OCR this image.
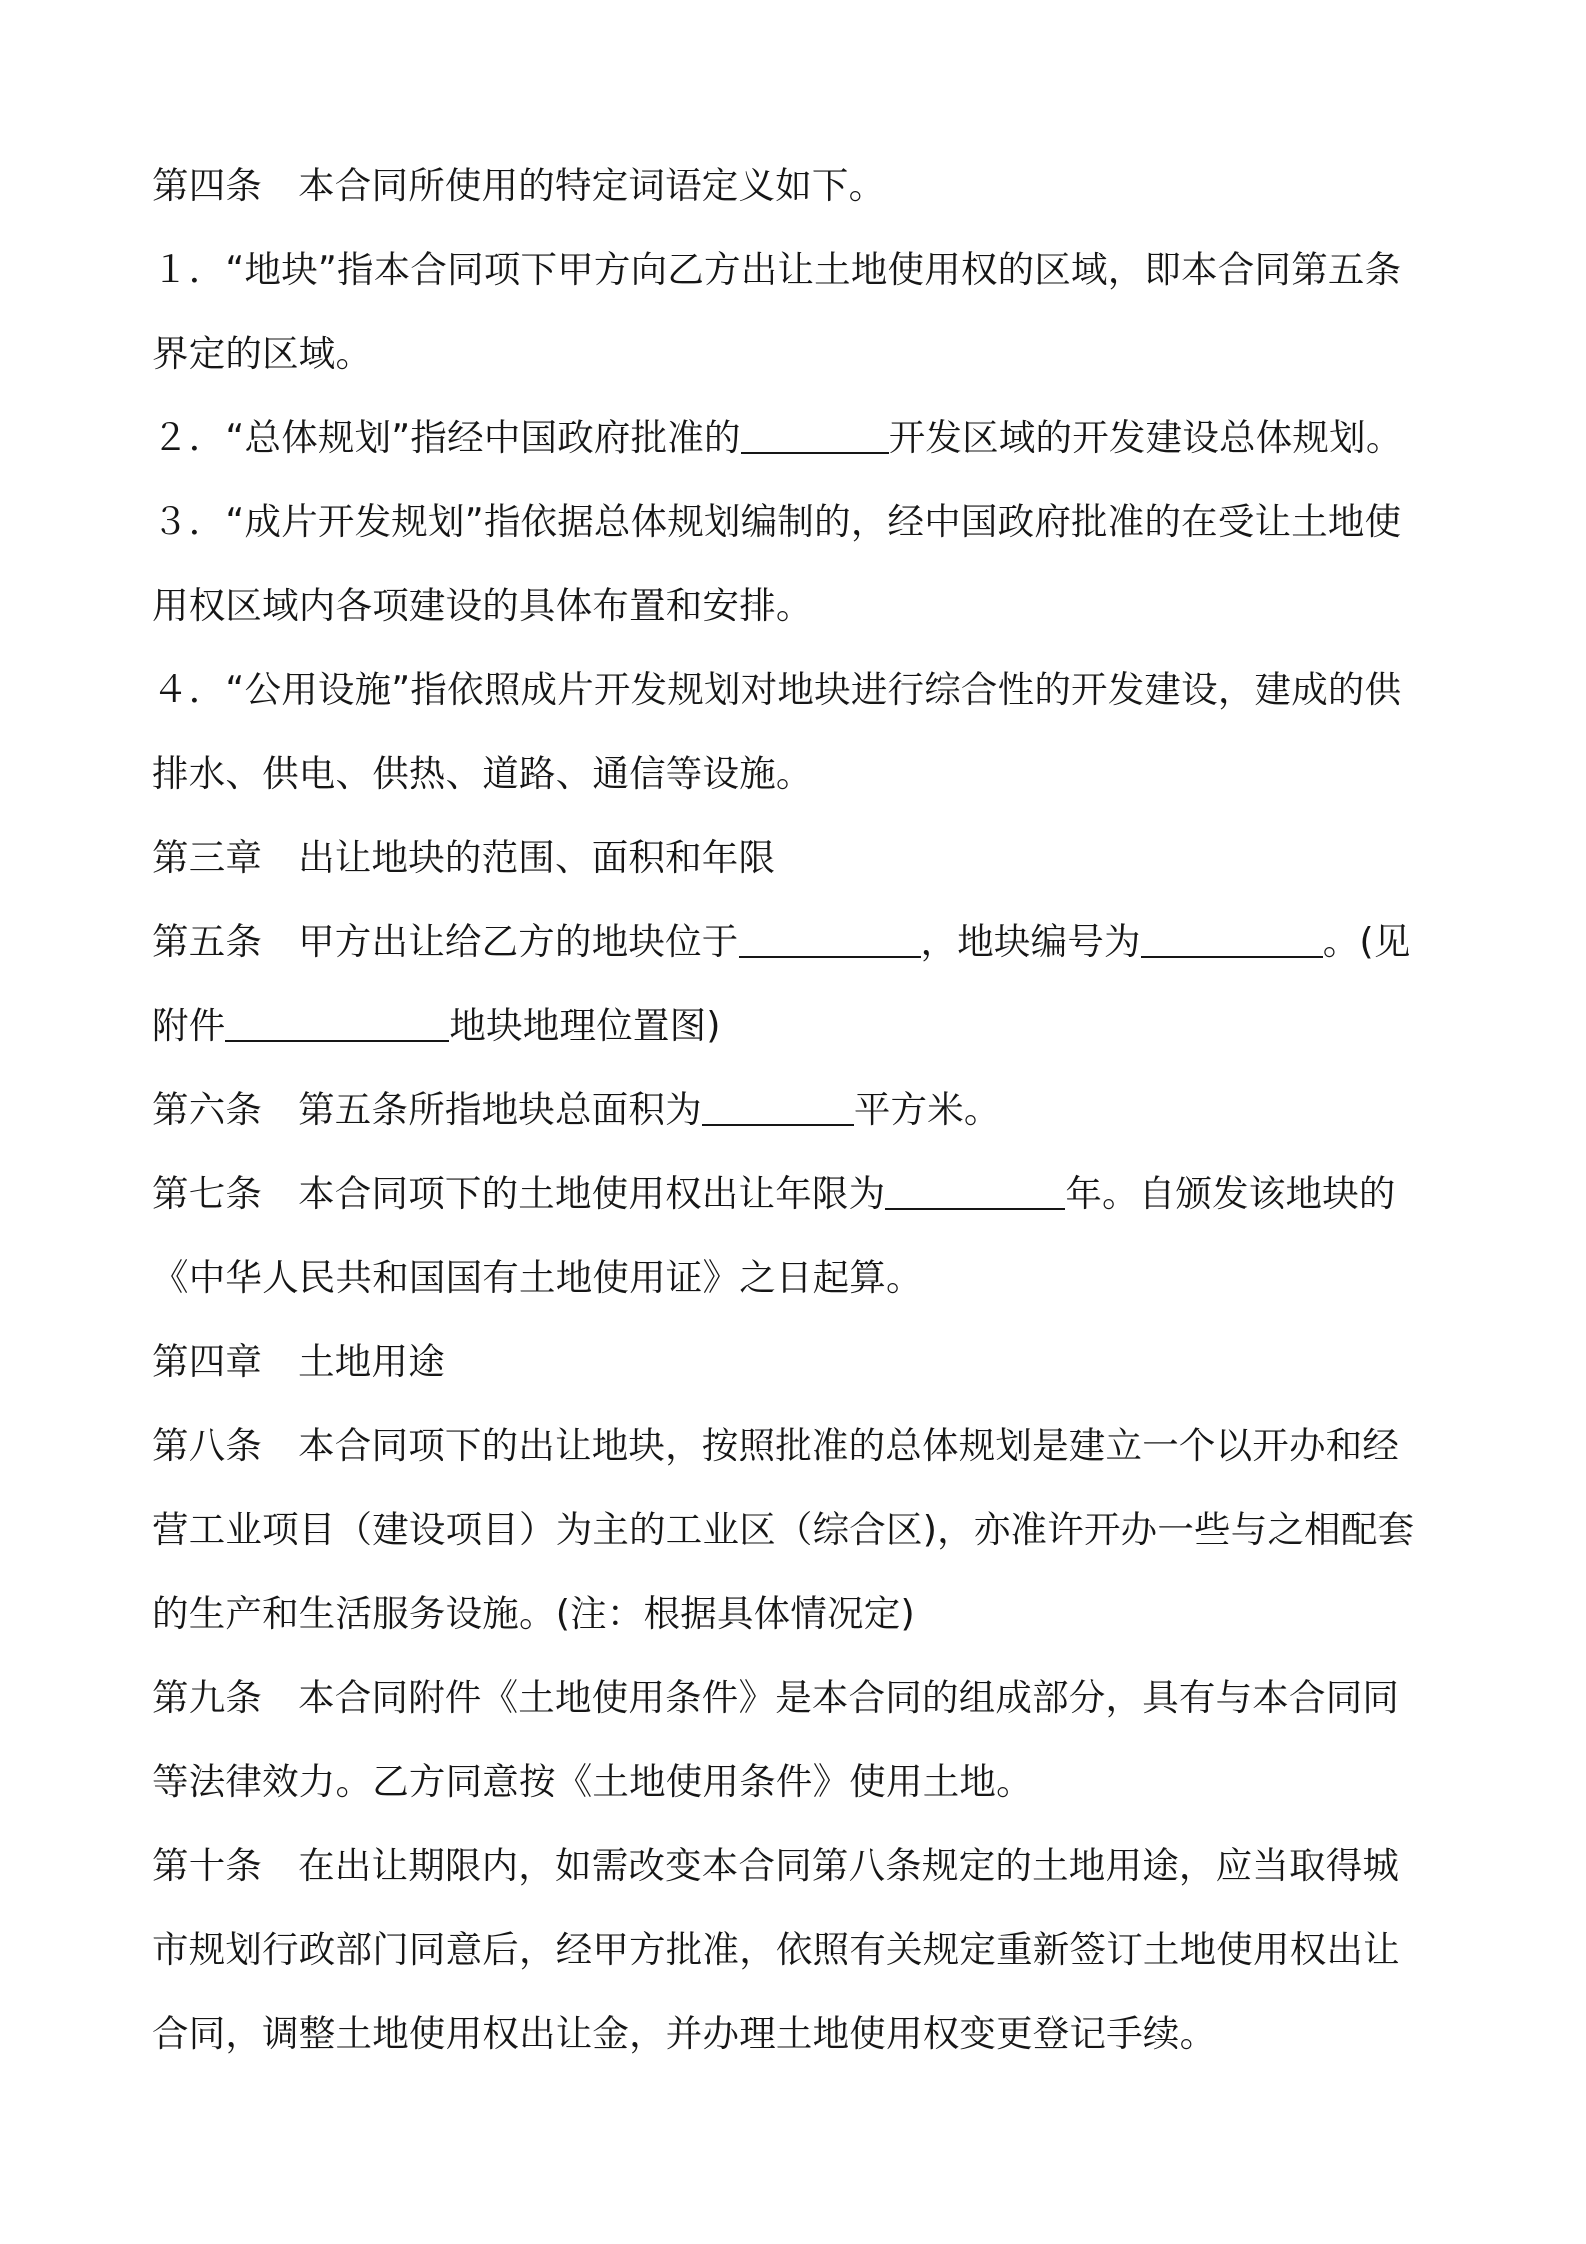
第四条 本合同所使用的特定词语定义如下。
１．“地块”指本合同项下甲方向乙方出让土地使用权的区域，即本合同第五条
界定的区域。
２．“总体规划”指经中国政府批准的	开发区域的开发建设总体规划。
３．“成片开发规划”指依据总体规划编制的，经中国政府批准的在受让土地使
用权区域内各项建设的具体布置和安排。
４．“公用设施”指依照成片开发规划对地块进行综合性的开发建设，建成的供
排水、供电、供热、道路、通信等设施。
第三章 出让地块的范围、面积和年限
第五条 甲方出让给乙方的地块位于	，地块编号为	。(见
附件	地块地理位置图)
第六条 第五条所指地块总面积为	平方米。
第七条 本合同项下的土地使用权出让年限为	年。自颁发该地块的
《中华人民共和国国有土地使用证》之日起算。
第四章 土地用途
第八条 本合同项下的出让地块，按照批准的总体规划是建立一个以开办和经
营工业项目（建设项目）为主的工业区（综合区)，亦准许开办一些与之相配套
的生产和生活服务设施。(注：根据具体情况定)
第九条 本合同附件《土地使用条件》是本合同的组成部分，具有与本合同同
等法律效力。乙方同意按《土地使用条件》使用土地。
第十条 在出让期限内，如需改变本合同第八条规定的土地用途，应当取得城
市规划行政部门同意后，经甲方批准，依照有关规定重新签订土地使用权出让
合同，调整土地使用权出让金，并办理土地使用权变更登记手续。
